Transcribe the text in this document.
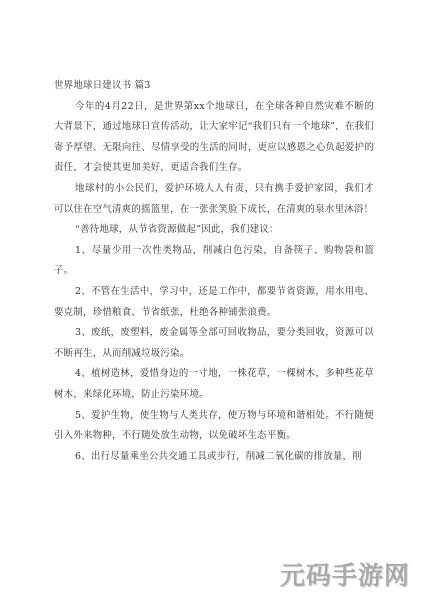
世界地球日建议书 篇3

今年的4月22日，是世界第xx个地球日，在全球各种自然灾难不断的大背景下，通过地球日宣传活动，让大家牢记“我们只有一个地球”，在我们寄予厚望、无限向往、尽情享受的生活的同时，更应以感恩之心负起爱护的责任，才会使其更加美好，更适合我们生存。

地球村的小公民们，爱护环境人人有责，只有携手爱护家园，我们才可以住在空气清爽的摇篮里，在一张张笑脸下成长，在清爽的泉水里沐浴！

“善待地球，从节省资源做起”因此，我们建议：

1、尽量少用一次性类物品，削减白色污染，自备筷子、购物袋和篮子。

2、不管在生活中，学习中，还是工作中，都要节省资源，用水用电、要克制，珍惜粮食、节省纸张，杜绝各种铺张浪费。

3、废纸，废塑料，废金属等全部可回收物品，要分类回收，资源可以不断再生，从而削减垃圾污染。

4、植树造林，爱惜身边的一寸地，一株花草，一棵树木，多种些花草树木，来绿化环境，防止污染环境。

5、爱护生物，使生物与人类共存，使万物与环境和谐相处。不行随便引入外来物种，不行随处放生动物，以免破坏生态平衡。

6、出行尽量乘坐公共交通工具或步行，削减二氧化碳的排放量，削

元码手游网
